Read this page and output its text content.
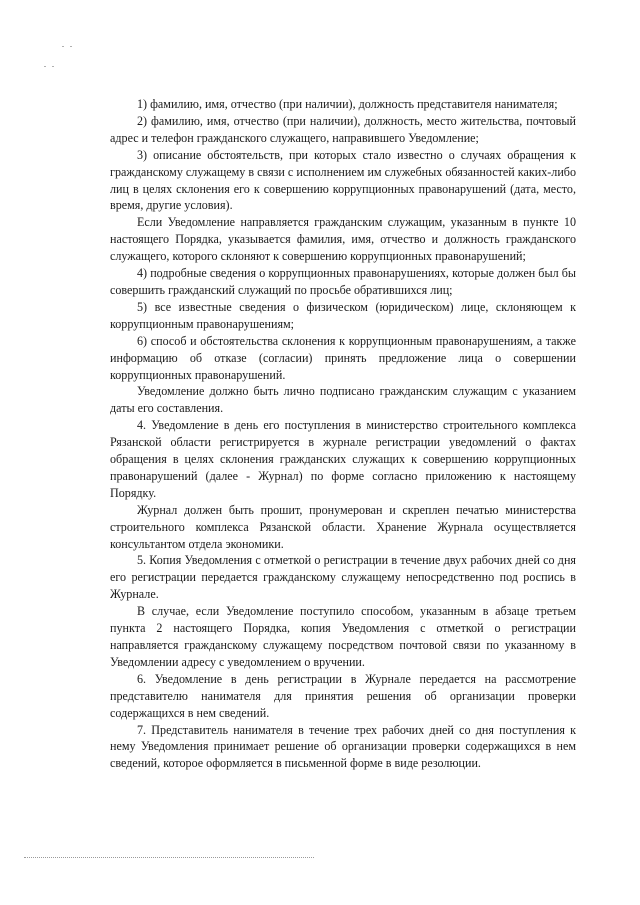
1) фамилию, имя, отчество (при наличии), должность представителя нанимателя;

2) фамилию, имя, отчество (при наличии), должность, место жительства, почтовый адрес и телефон гражданского служащего, направившего Уведомление;

3) описание обстоятельств, при которых стало известно о случаях обращения к гражданскому служащему в связи с исполнением им служебных обязанностей каких-либо лиц в целях склонения его к совершению коррупционных правонарушений (дата, место, время, другие условия).

Если Уведомление направляется гражданским служащим, указанным в пункте 10 настоящего Порядка, указывается фамилия, имя, отчество и должность гражданского служащего, которого склоняют к совершению коррупционных правонарушений;

4) подробные сведения о коррупционных правонарушениях, которые должен был бы совершить гражданский служащий по просьбе обратившихся лиц;

5) все известные сведения о физическом (юридическом) лице, склоняющем к коррупционным правонарушениям;

6) способ и обстоятельства склонения к коррупционным правонарушениям, а также информацию об отказе (согласии) принять предложение лица о совершении коррупционных правонарушений.

Уведомление должно быть лично подписано гражданским служащим с указанием даты его составления.

4. Уведомление в день его поступления в министерство строительного комплекса Рязанской области регистрируется в журнале регистрации уведомлений о фактах обращения в целях склонения гражданских служащих к совершению коррупционных правонарушений (далее - Журнал) по форме согласно приложению к настоящему Порядку.

Журнал должен быть прошит, пронумерован и скреплен печатью министерства строительного комплекса Рязанской области. Хранение Журнала осуществляется консультантом отдела экономики.

5. Копия Уведомления с отметкой о регистрации в течение двух рабочих дней со дня его регистрации передается гражданскому служащему непосредственно под роспись в Журнале.

В случае, если Уведомление поступило способом, указанным в абзаце третьем пункта 2 настоящего Порядка, копия Уведомления с отметкой о регистрации направляется гражданскому служащему посредством почтовой связи по указанному в Уведомлении адресу с уведомлением о вручении.

6. Уведомление в день регистрации в Журнале передается на рассмотрение представителю нанимателя для принятия решения об организации проверки содержащихся в нем сведений.

7. Представитель нанимателя в течение трех рабочих дней со дня поступления к нему Уведомления принимает решение об организации проверки содержащихся в нем сведений, которое оформляется в письменной форме в виде резолюции.
